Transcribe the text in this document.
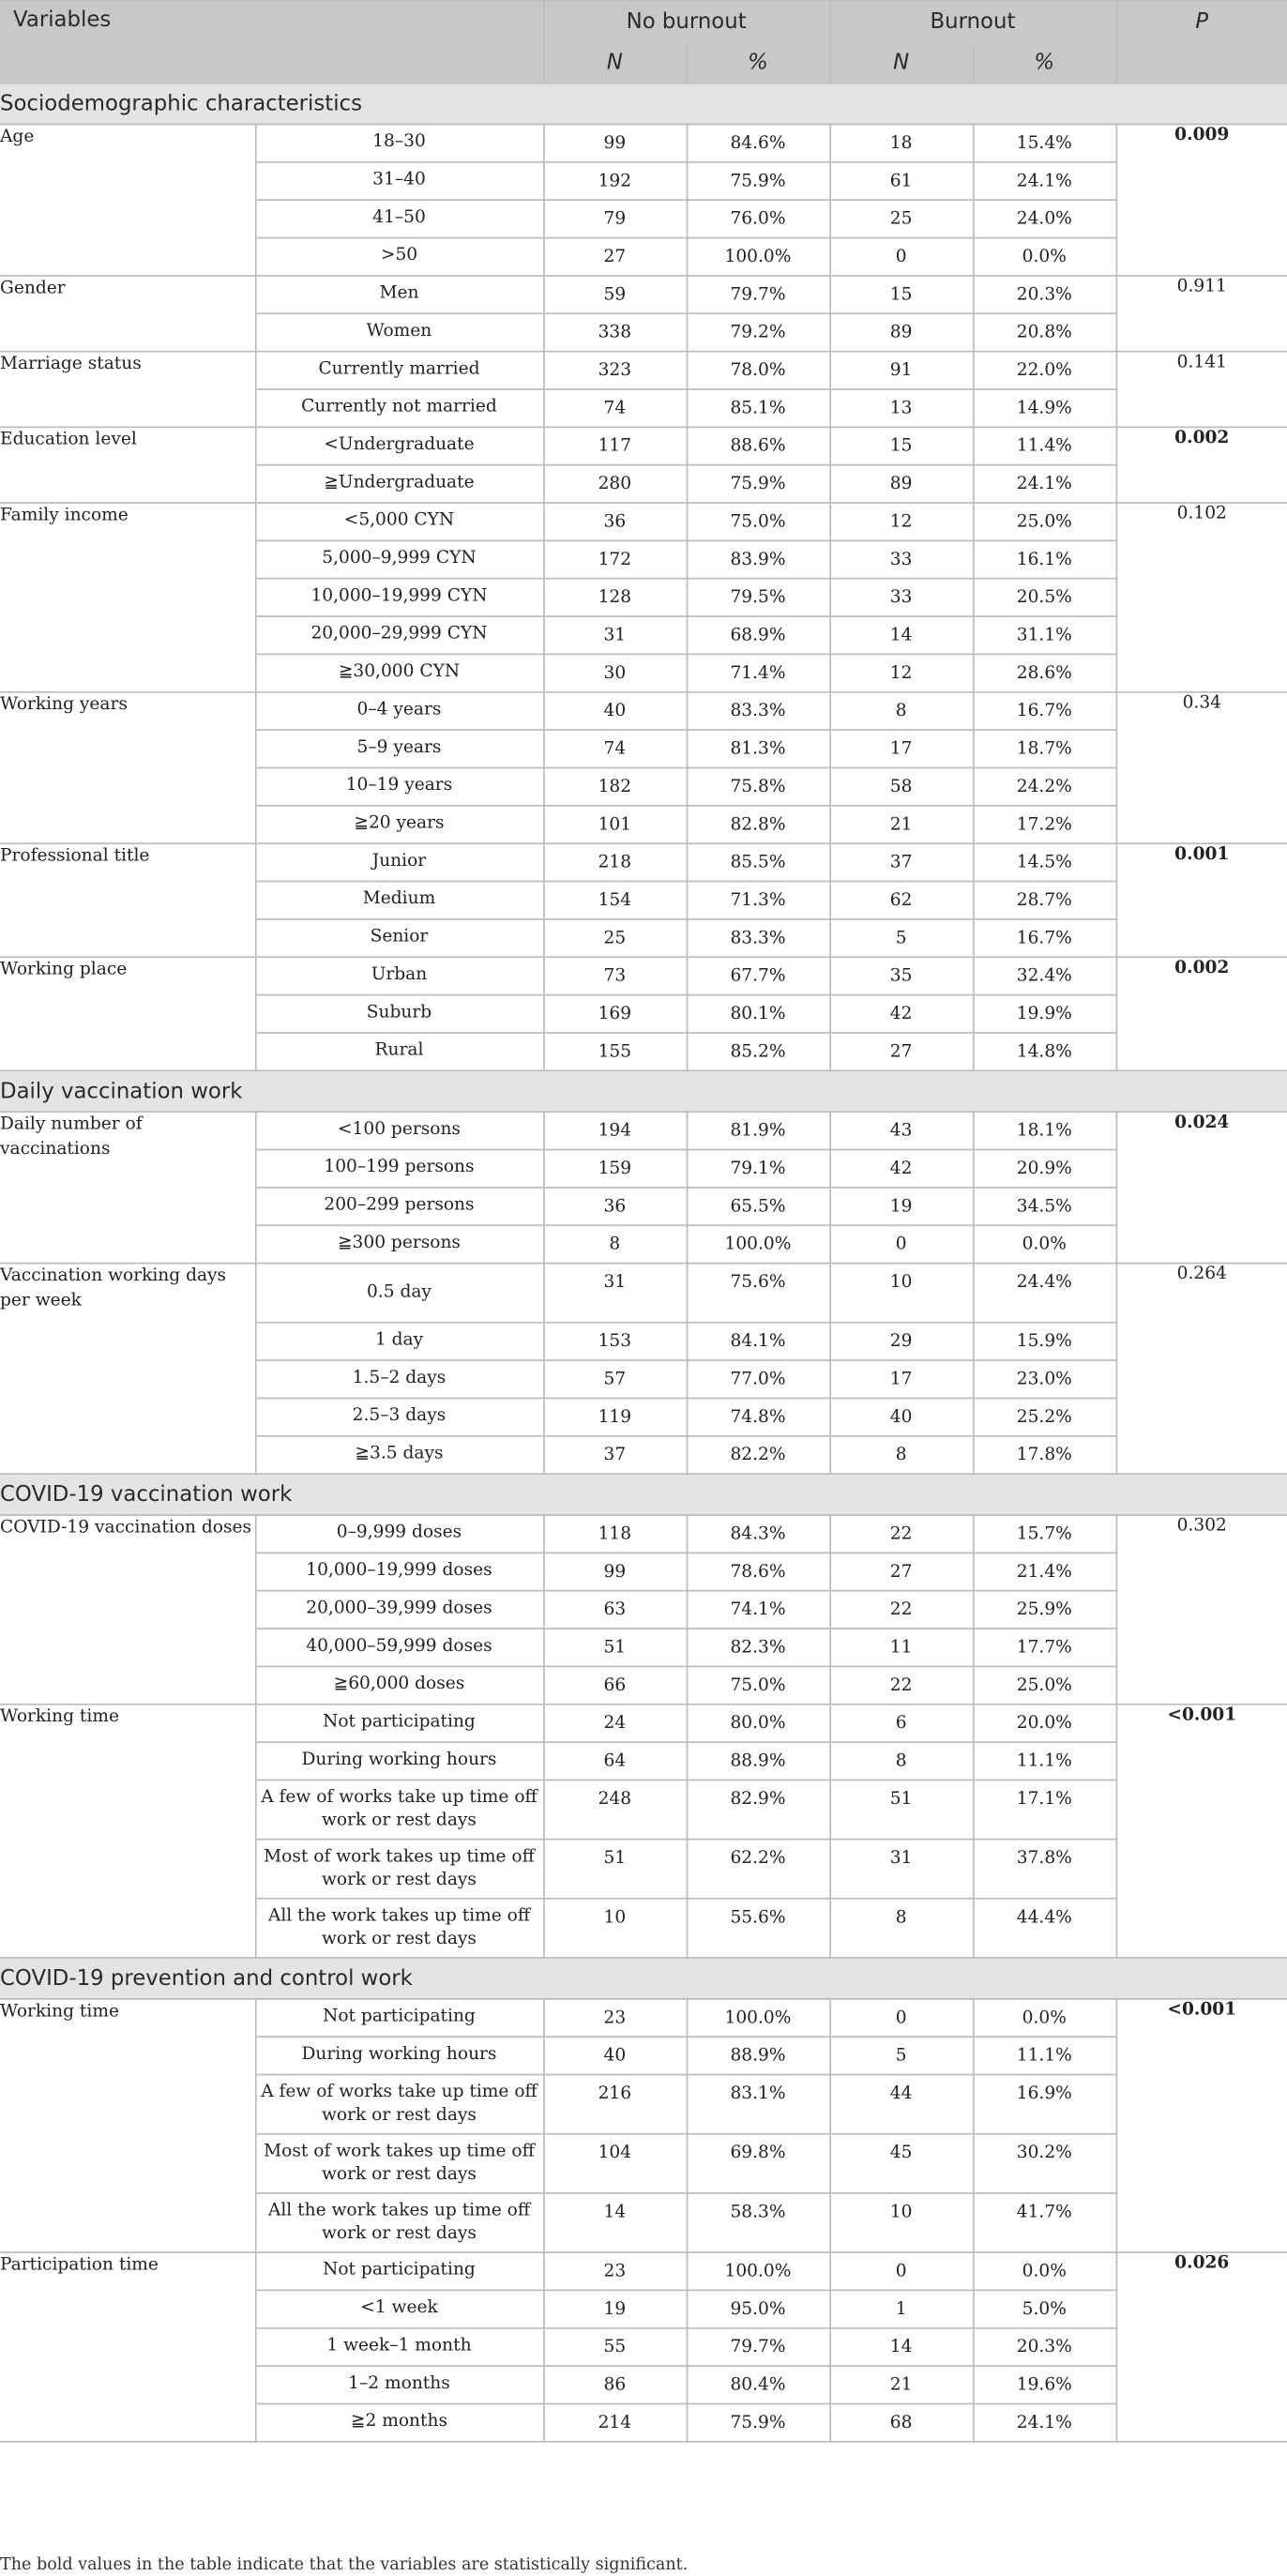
Variables		No burnout		Burnout		P
		N	%	N	%	
Sociodemographic characteristics						
Age	18–30	99	84.6%	18	15.4%	0.009
	31–40	192	75.9%	61	24.1%	
	41–50	79	76.0%	25	24.0%	
	>50	27	100.0%	0	0.0%	
Gender	Men	59	79.7%	15	20.3%	0.911
	Women	338	79.2%	89	20.8%	
Marriage status	Currently married	323	78.0%	91	22.0%	0.141
	Currently not married	74	85.1%	13	14.9%	
Education level	<Undergraduate	117	88.6%	15	11.4%	0.002
	≧Undergraduate	280	75.9%	89	24.1%	
Family income	<5,000 CYN	36	75.0%	12	25.0%	0.102
	5,000–9,999 CYN	172	83.9%	33	16.1%	
	10,000–19,999 CYN	128	79.5%	33	20.5%	
	20,000–29,999 CYN	31	68.9%	14	31.1%	
	≧30,000 CYN	30	71.4%	12	28.6%	
Working years	0–4 years	40	83.3%	8	16.7%	0.34
	5–9 years	74	81.3%	17	18.7%	
	10–19 years	182	75.8%	58	24.2%	
	≧20 years	101	82.8%	21	17.2%	
Professional title	Junior	218	85.5%	37	14.5%	0.001
	Medium	154	71.3%	62	28.7%	
	Senior	25	83.3%	5	16.7%	
Working place	Urban	73	67.7%	35	32.4%	0.002
	Suburb	169	80.1%	42	19.9%	
	Rural	155	85.2%	27	14.8%	
Daily vaccination work						
Daily number of vaccinations	<100 persons	194	81.9%	43	18.1%	0.024
	100–199 persons	159	79.1%	42	20.9%	
	200–299 persons	36	65.5%	19	34.5%	
	≧300 persons	8	100.0%	0	0.0%	
Vaccination working days per week	0.5 day	31	75.6%	10	24.4%	0.264
	1 day	153	84.1%	29	15.9%	
	1.5–2 days	57	77.0%	17	23.0%	
	2.5–3 days	119	74.8%	40	25.2%	
	≧3.5 days	37	82.2%	8	17.8%	
COVID-19 vaccination work						
COVID-19 vaccination doses	0–9,999 doses	118	84.3%	22	15.7%	0.302
	10,000–19,999 doses	99	78.6%	27	21.4%	
	20,000–39,999 doses	63	74.1%	22	25.9%	
	40,000–59,999 doses	51	82.3%	11	17.7%	
	≧60,000 doses	66	75.0%	22	25.0%	
Working time	Not participating	24	80.0%	6	20.0%	<0.001
	During working hours	64	88.9%	8	11.1%	
	A few of works take up time off work or rest days	248	82.9%	51	17.1%	
	Most of work takes up time off work or rest days	51	62.2%	31	37.8%	
	All the work takes up time off work or rest days	10	55.6%	8	44.4%	
COVID-19 prevention and control work						
Working time	Not participating	23	100.0%	0	0.0%	<0.001
	During working hours	40	88.9%	5	11.1%	
	A few of works take up time off work or rest days	216	83.1%	44	16.9%	
	Most of work takes up time off work or rest days	104	69.8%	45	30.2%	
	All the work takes up time off work or rest days	14	58.3%	10	41.7%	
Participation time	Not participating	23	100.0%	0	0.0%	0.026
	<1 week	19	95.0%	1	5.0%	
	1 week–1 month	55	79.7%	14	20.3%	
	1–2 months	86	80.4%	21	19.6%	
	≧2 months	214	75.9%	68	24.1%	

The bold values in the table indicate that the variables are statistically significant.
